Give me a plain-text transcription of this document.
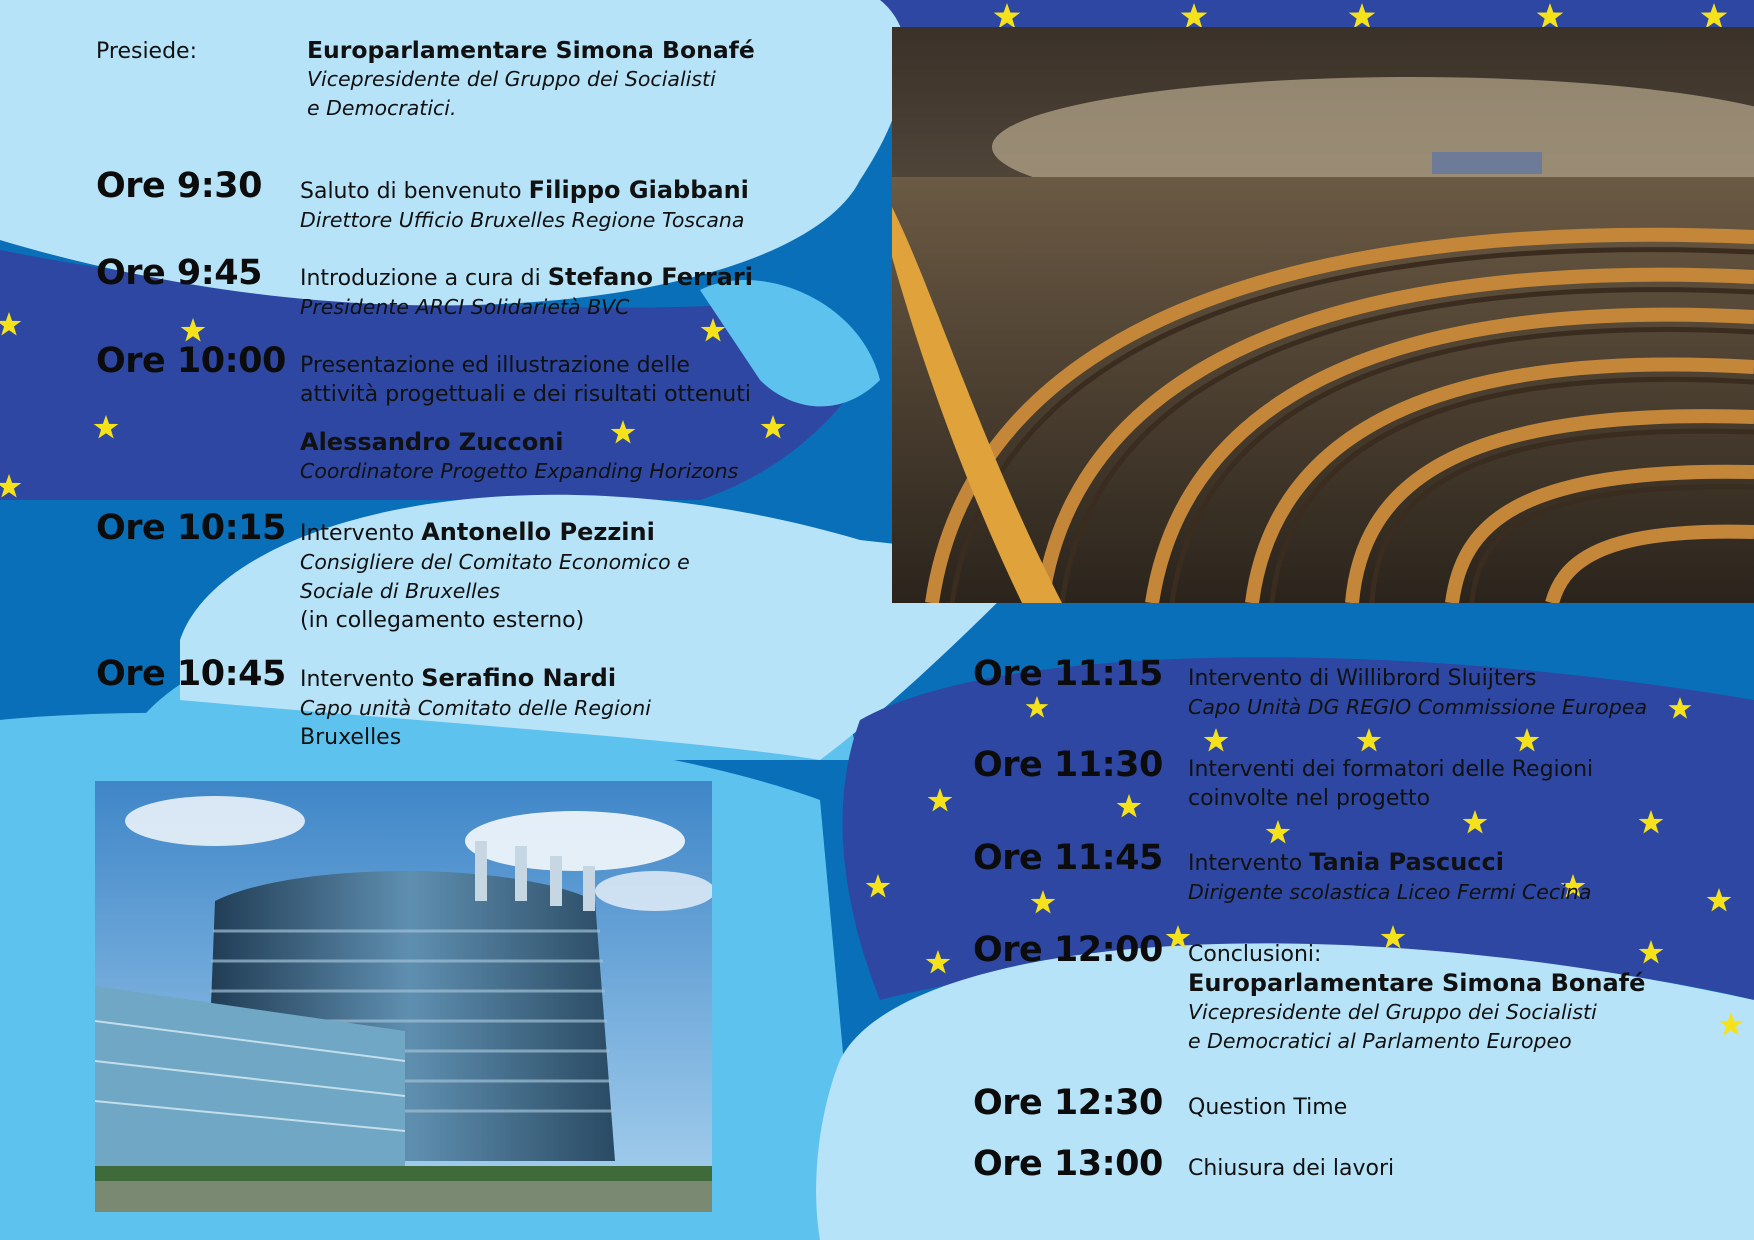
Presiede:	Europarlamentare Simona Bonafé
Vicepresidente del Gruppo dei Socialisti
e Democratici.
Ore 9:30 Saluto di benvenuto Filippo Giabbani
Direttore Ufficio Bruxelles Regione Toscana
Ore 9:45 Introduzione a cura di Stefano Ferrari
Presidente ARCI Solidarietà BVC
Ore 10:00 Presentazione ed illustrazione delle
attività progettuali e dei risultati ottenuti
Alessandro Zucconi
Coordinatore Progetto Expanding Horizons
Ore 10:15 Intervento Antonello Pezzini
Consigliere del Comitato Economico e
Sociale di Bruxelles
(in collegamento esterno)
Ore 10:45 Intervento Serafino Nardi
Capo unità Comitato delle Regioni
Bruxelles
Ore 11:15 Intervento di Willibrord Sluijters
Capo Unità DG REGIO Commissione Europea
Ore 11:30 Interventi dei formatori delle Regioni
coinvolte nel progetto
Ore 11:45 Intervento Tania Pascucci
Dirigente scolastica Liceo Fermi Cecina
Ore 12:00 Conclusioni:
Europarlamentare Simona Bonafé
Vicepresidente del Gruppo dei Socialisti
e Democratici al Parlamento Europeo
Ore 12:30 Question Time
Ore 13:00 Chiusura dei lavori
